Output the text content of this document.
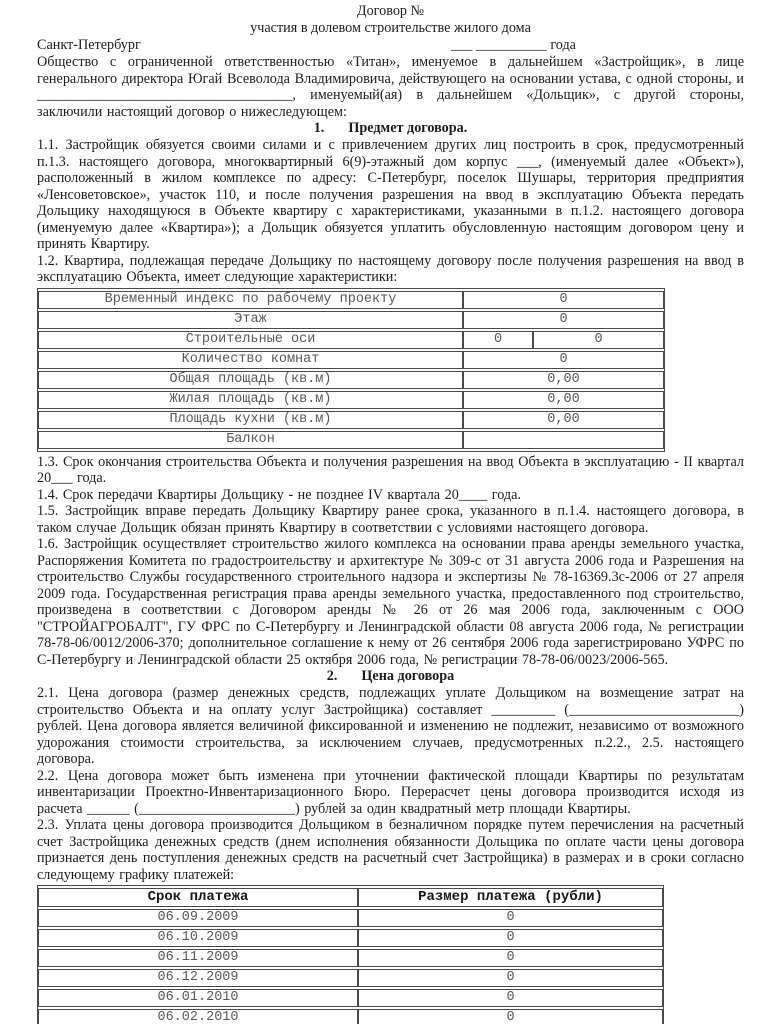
Договор №
участия в долевом строительстве жилого дома
Санкт-Петербург	___ __________ года

Общество с ограниченной ответственностью «Титан», именуемое в дальнейшем «Застройщик», в лице генерального директора Югай Всеволода Владимировича, действующего на основании устава, с одной стороны, и ____________________________________, именуемый(ая) в дальнейшем «Дольщик», с другой стороны, заключили настоящий договор о нижеследующем:

1. Предмет договора.

1.1. Застройщик обязуется своими силами и с привлечением других лиц построить в срок, предусмотренный п.1.3. настоящего договора, многоквартирный 6(9)-этажный дом корпус ___, (именуемый далее «Объект»), расположенный в жилом комплексе по адресу: С-Петербург, поселок Шушары, территория предприятия «Ленсоветовское», участок 110, и после получения разрешения на ввод в эксплуатацию Объекта передать Дольщику находящуюся в Объекте квартиру с характеристиками, указанными в п.1.2. настоящего договора (именуемую далее «Квартира»); а Дольщик обязуется уплатить обусловленную настоящим договором цену и принять Квартиру.

1.2. Квартира, подлежащая передаче Дольщику по настоящему договору после получения разрешения на ввод в эксплуатацию Объекта, имеет следующие характеристики:

Временный индекс по рабочему проекту	0	
Этаж	0	
Строительные оси	0	0
Количество комнат	0	
Общая площадь (кв.м)	0,00	
Жилая площадь (кв.м)	0,00	
Площадь кухни (кв.м)	0,00	
Балкон		

1.3. Срок окончания строительства Объекта и получения разрешения на ввод Объекта в эксплуатацию - II квартал 20___ года.

1.4. Срок передачи Квартиры Дольщику - не позднее IV квартала 20____ года.

1.5. Застройщик вправе передать Дольщику Квартиру ранее срока, указанного в п.1.4. настоящего договора, в таком случае Дольщик обязан принять Квартиру в соответствии с условиями настоящего договора.

1.6. Застройщик осуществляет строительство жилого комплекса на основании права аренды земельного участка, Распоряжения Комитета по градостроительству и архитектуре № 309-с от 31 августа 2006 года и Разрешения на строительство Службы государственного строительного надзора и экспертизы № 78-16369.3с-2006 от 27 апреля 2009 года. Государственная регистрация права аренды земельного участка, предоставленного под строительство, произведена в соответствии с Договором аренды № 26 от 26 мая 2006 года, заключенным с ООО "СТРОЙАГРОБАЛТ", ГУ ФРС по С-Петербургу и Ленинградской области 08 августа 2006 года, № регистрации 78-78-06/0012/2006-370; дополнительное соглашение к нему от 26 сентября 2006 года зарегистрировано УФРС по С-Петербургу и Ленинградской области 25 октября 2006 года, № регистрации 78-78-06/0023/2006-565.

2. Цена договора

2.1. Цена договора (размер денежных средств, подлежащих уплате Дольщиком на возмещение затрат на строительство Объекта и на оплату услуг Застройщика) составляет _________ (________________________) рублей. Цена договора является величиной фиксированной и изменению не подлежит, независимо от возможного удорожания стоимости строительства, за исключением случаев, предусмотренных п.2.2., 2.5. настоящего договора.

2.2. Цена договора может быть изменена при уточнении фактической площади Квартиры по результатам инвентаризации Проектно-Инвентаризационного Бюро. Перерасчет цены договора производится исходя из расчета ______ (______________________) рублей за один квадратный метр площади Квартиры.

2.3. Уплата цены договора производится Дольщиком в безналичном порядке путем перечисления на расчетный счет Застройщика денежных средств (днем исполнения обязанности Дольщика по оплате части цены договора признается день поступления денежных средств на расчетный счет Застройщика) в размерах и в сроки согласно следующему графику платежей:

Срок платежа	Размер платежа (рубли)
06.09.2009	0
06.10.2009	0
06.11.2009	0
06.12.2009	0
06.01.2010	0
06.02.2010	0
